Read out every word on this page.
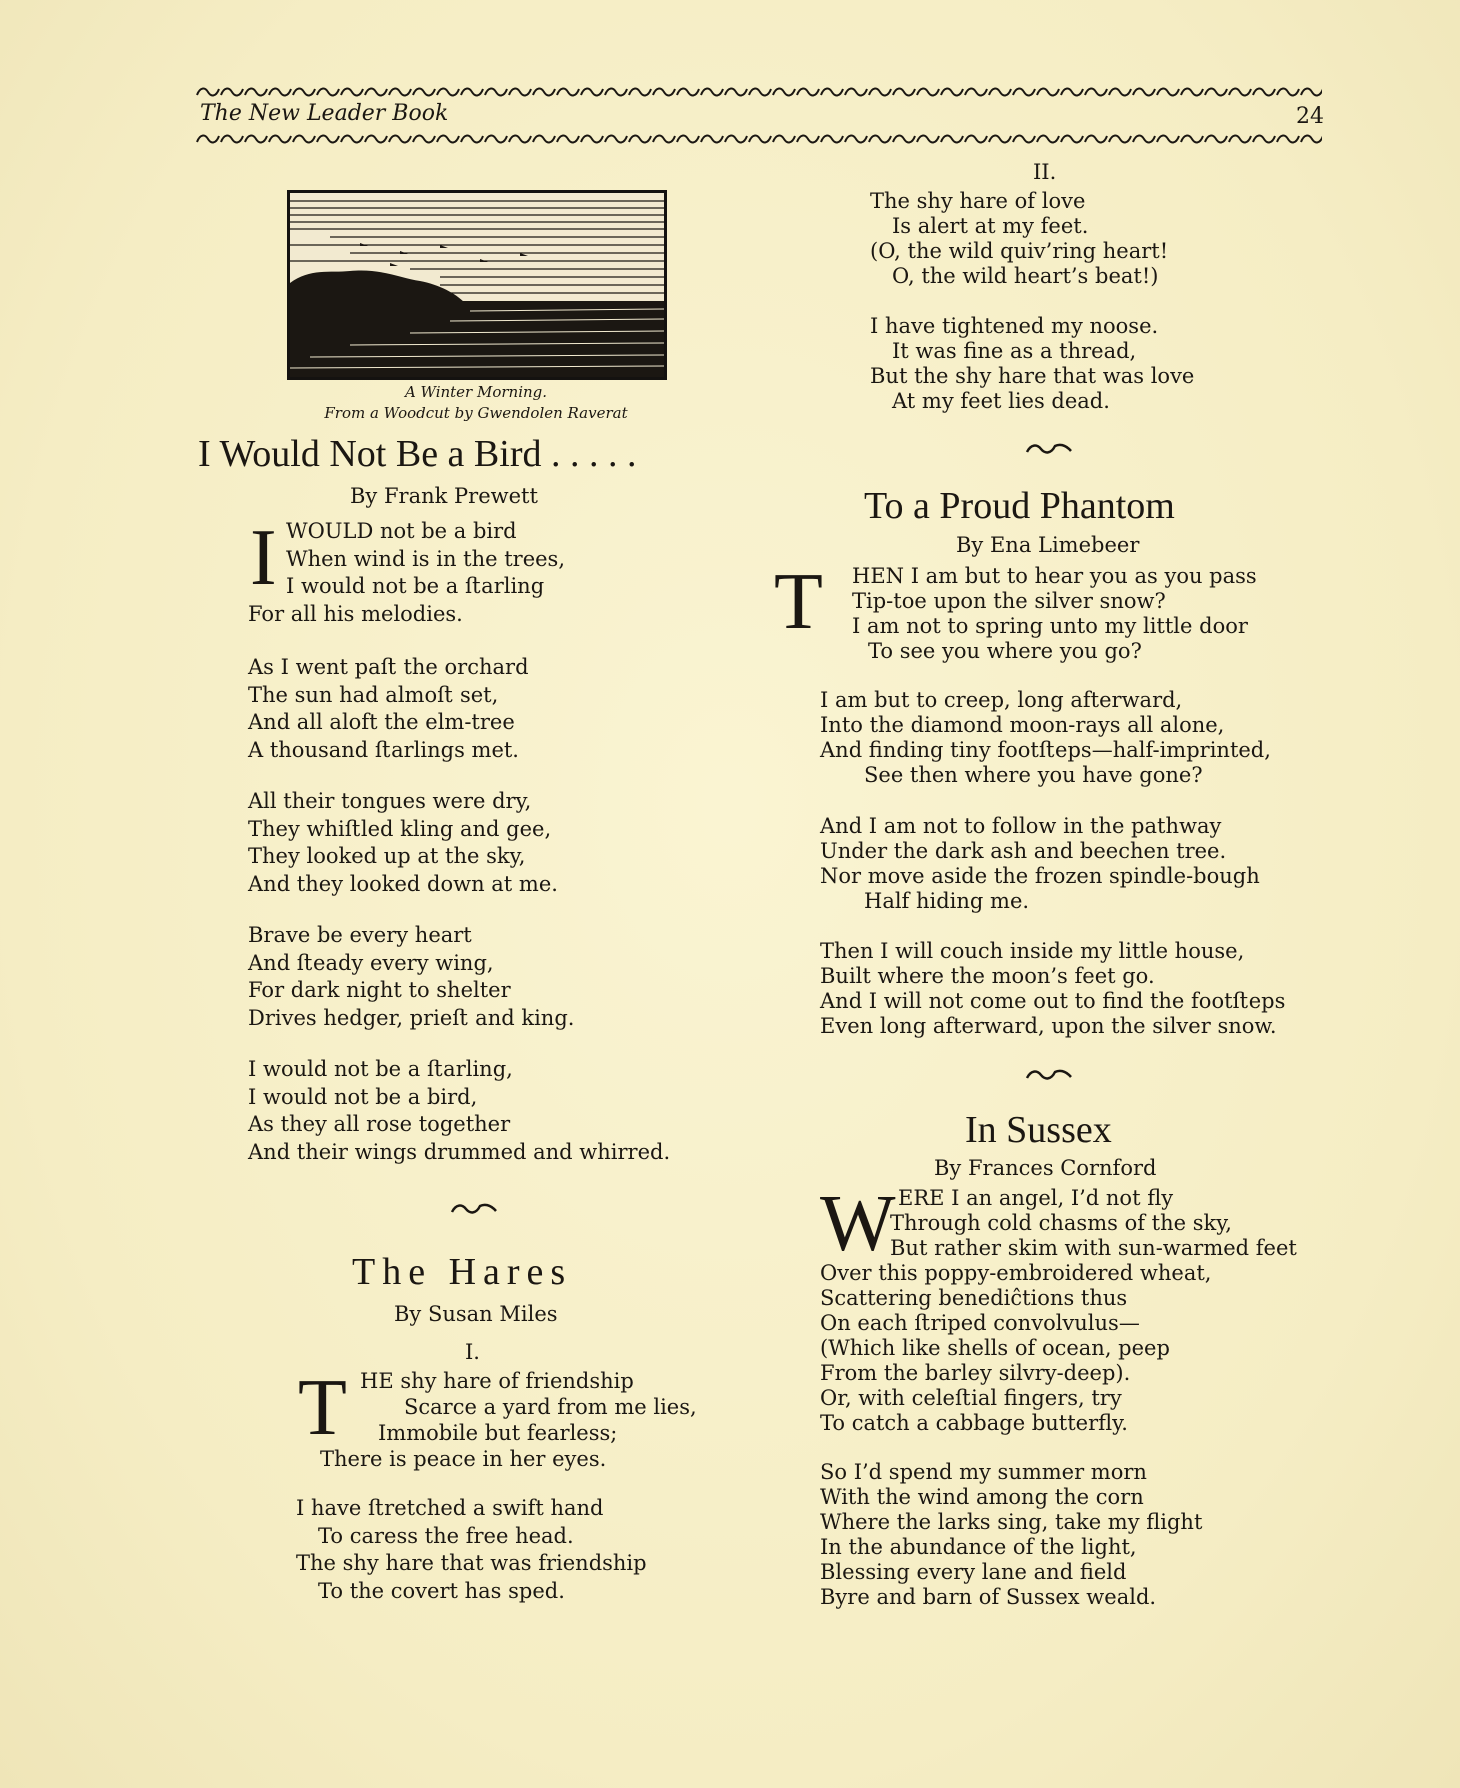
The New Leader Book	24
A Winter Morning.
From a Woodcut by Gwendolen Raverat
I Would Not Be a Bird . . . . .
By Frank Prewett
I WOULD not be a bird
When wind is in the trees,
I would not be a ﬅarling
For all his melodies.
As I went paﬅ the orchard
The sun had almoﬅ set,
And all aloft the elm-tree
A thousand ﬅarlings met.
All their tongues were dry,
They whiﬅled kling and gee,
They looked up at the sky,
And they looked down at me.
Brave be every heart
And ﬅeady every wing,
For dark night to shelter
Drives hedger, prieﬅ and king.
I would not be a ﬅarling,
I would not be a bird,
As they all rose together
And their wings drummed and whirred.
The Hares
By Susan Miles
I.
T HE shy hare of friendship
Scarce a yard from me lies,
Immobile but fearless;
There is peace in her eyes.
I have ﬅretched a swift hand
To caress the free head.
The shy hare that was friendship
To the covert has sped.
II.
The shy hare of love
Is alert at my feet.
(O, the wild quiv’ring heart!
O, the wild heart’s beat!)
I have tightened my noose.
It was fine as a thread,
But the shy hare that was love
At my feet lies dead.
To a Proud Phantom
By Ena Limebeer
T	HEN I am but to hear you as you pass
Tip-toe upon the silver snow?
I am not to spring unto my little door
To see you where you go?
I am but to creep, long afterward,
Into the diamond moon-rays all alone,
And finding tiny footﬅeps—half-imprinted,
See then where you have gone?
And I am not to follow in the pathway
Under the dark ash and beechen tree.
Nor move aside the frozen spindle-bough
Half hiding me.
Then I will couch inside my little house,
Built where the moon’s feet go.
And I will not come out to find the footﬅeps
Even long afterward, upon the silver snow.
In Sussex
By Frances Cornford
W ERE I an angel, I’d not fly
Through cold chasms of the sky,
But rather skim with sun-warmed feet
Over this poppy-embroidered wheat,
Scattering benediĉtions thus
On each ﬅriped convolvulus—
(Which like shells of ocean, peep
From the barley silvry-deep).
Or, with celeﬅial fingers, try
To catch a cabbage butterfly.
So I’d spend my summer morn
With the wind among the corn
Where the larks sing, take my flight
In the abundance of the light,
Blessing every lane and field
Byre and barn of Sussex weald.
